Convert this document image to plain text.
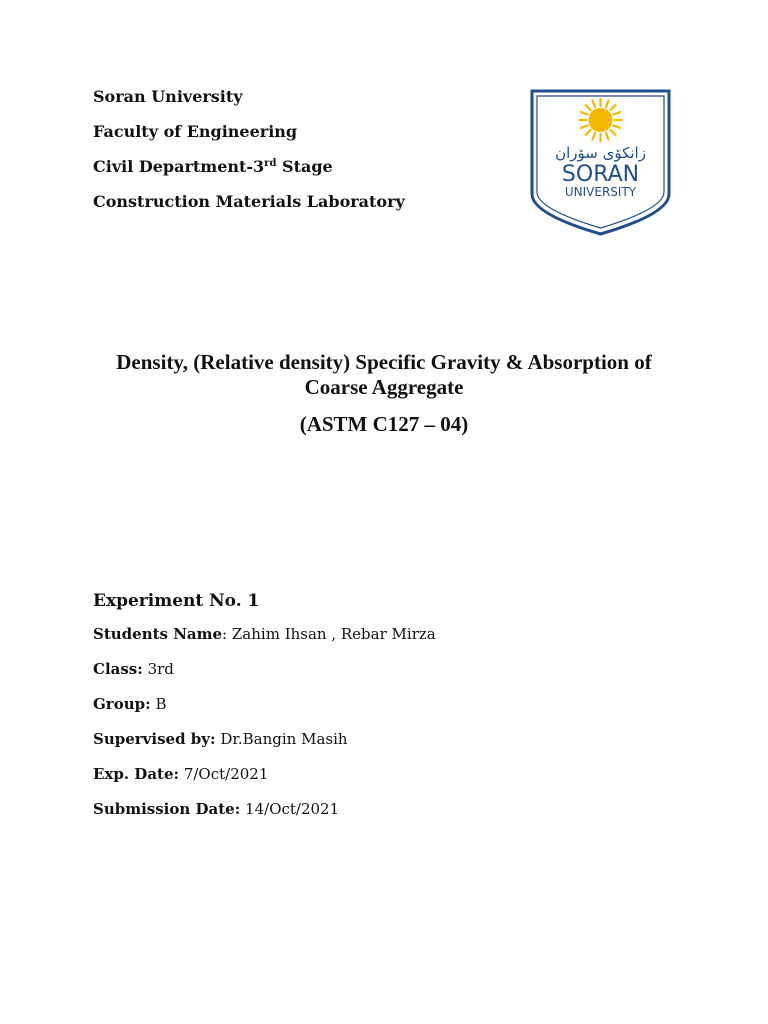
Soran University
Faculty of Engineering
Civil Department-3rd Stage
Construction Materials Laboratory
زانكۆی سۆران
SORAN
UNIVERSITY
Density, (Relative density) Specific Gravity & Absorption of Coarse Aggregate
(ASTM C127 – 04)
Experiment No. 1
Students Name: Zahim Ihsan , Rebar Mirza
Class: 3rd
Group: B
Supervised by: Dr.Bangin Masih
Exp. Date: 7/Oct/2021
Submission Date: 14/Oct/2021
